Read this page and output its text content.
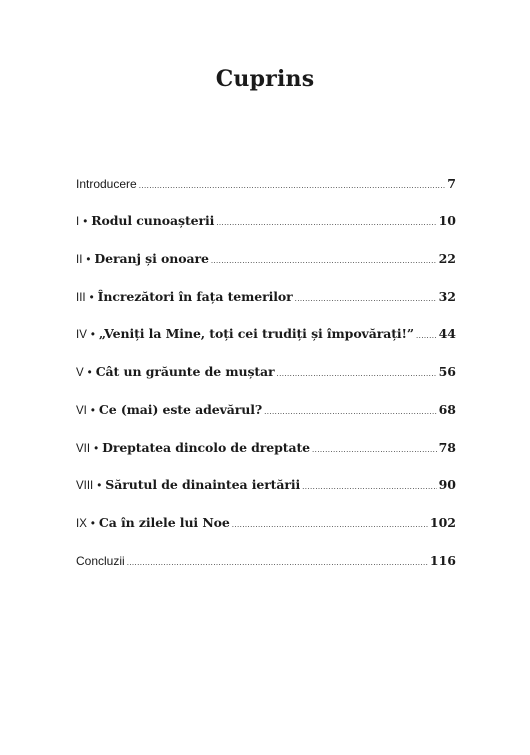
Cuprins
Introducere .....	7
I • Rodul cunoașterii .....	10
II • Deranj și onoare .....	22
III • Încrezători în fața temerilor .....	32
IV • „Veniți la Mine, toți cei trudiți și împovărați!” ..... 44
V • Cât un grăunte de muștar .....	56
VI • Ce (mai) este adevărul? .....	68
VII • Dreptatea dincolo de dreptate .....	78
VIII • Sărutul de dinaintea iertării .....	90
IX • Ca în zilele lui Noe .....	102
Concluzii .....	116
